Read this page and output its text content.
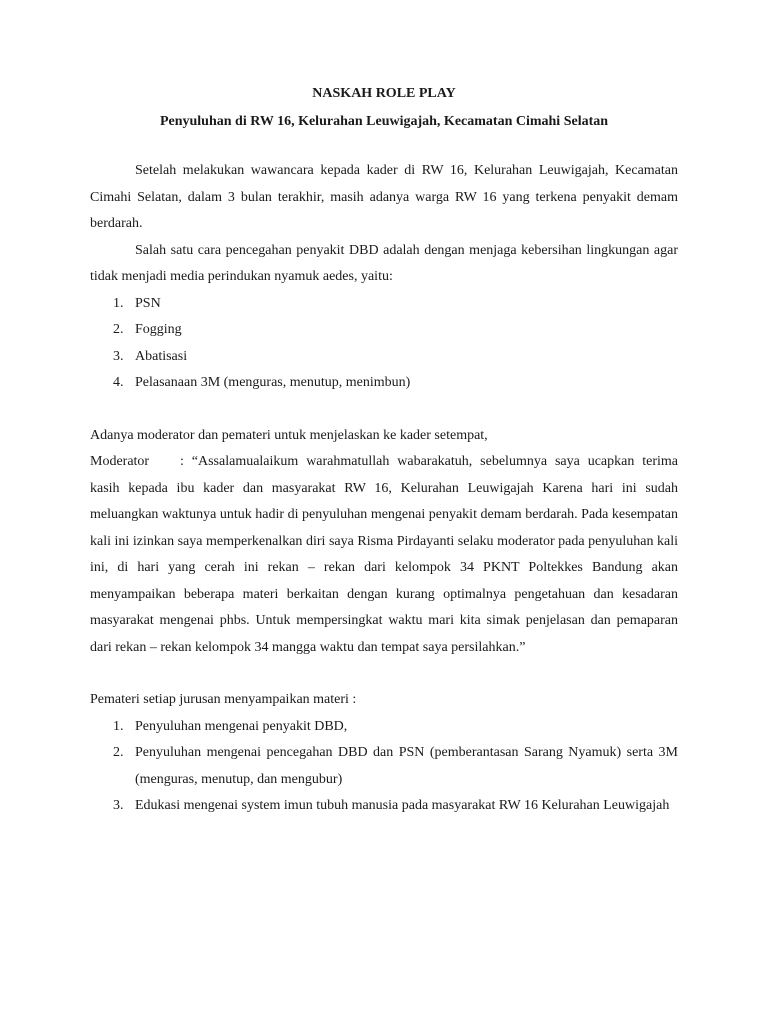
NASKAH ROLE PLAY

Penyuluhan di RW 16, Kelurahan Leuwigajah, Kecamatan Cimahi Selatan

Setelah melakukan wawancara kepada kader di RW 16, Kelurahan Leuwigajah, Kecamatan Cimahi Selatan, dalam 3 bulan terakhir, masih adanya warga RW 16 yang terkena penyakit demam berdarah.

Salah satu cara pencegahan penyakit DBD adalah dengan menjaga kebersihan lingkungan agar tidak menjadi media perindukan nyamuk aedes, yaitu:

1. PSN
2. Fogging
3. Abatisasi
4. Pelasanaan 3M (menguras, menutup, menimbun)

Adanya moderator dan pemateri untuk menjelaskan ke kader setempat,

Moderator : “Assalamualaikum warahmatullah wabarakatuh, sebelumnya saya ucapkan terima kasih kepada ibu kader dan masyarakat RW 16, Kelurahan Leuwigajah Karena hari ini sudah meluangkan waktunya untuk hadir di penyuluhan mengenai penyakit demam berdarah. Pada kesempatan kali ini izinkan saya memperkenalkan diri saya Risma Pirdayanti selaku moderator pada penyuluhan kali ini, di hari yang cerah ini rekan – rekan dari kelompok 34 PKNT Poltekkes Bandung akan menyampaikan beberapa materi berkaitan dengan kurang optimalnya pengetahuan dan kesadaran masyarakat mengenai phbs. Untuk mempersingkat waktu mari kita simak penjelasan dan pemaparan dari rekan – rekan kelompok 34 mangga waktu dan tempat saya persilahkan.”

Pemateri setiap jurusan menyampaikan materi :

1. Penyuluhan mengenai penyakit DBD,
2. Penyuluhan mengenai pencegahan DBD dan PSN (pemberantasan Sarang Nyamuk) serta 3M (menguras, menutup, dan mengubur)
3. Edukasi mengenai system imun tubuh manusia pada masyarakat RW 16 Kelurahan Leuwigajah
